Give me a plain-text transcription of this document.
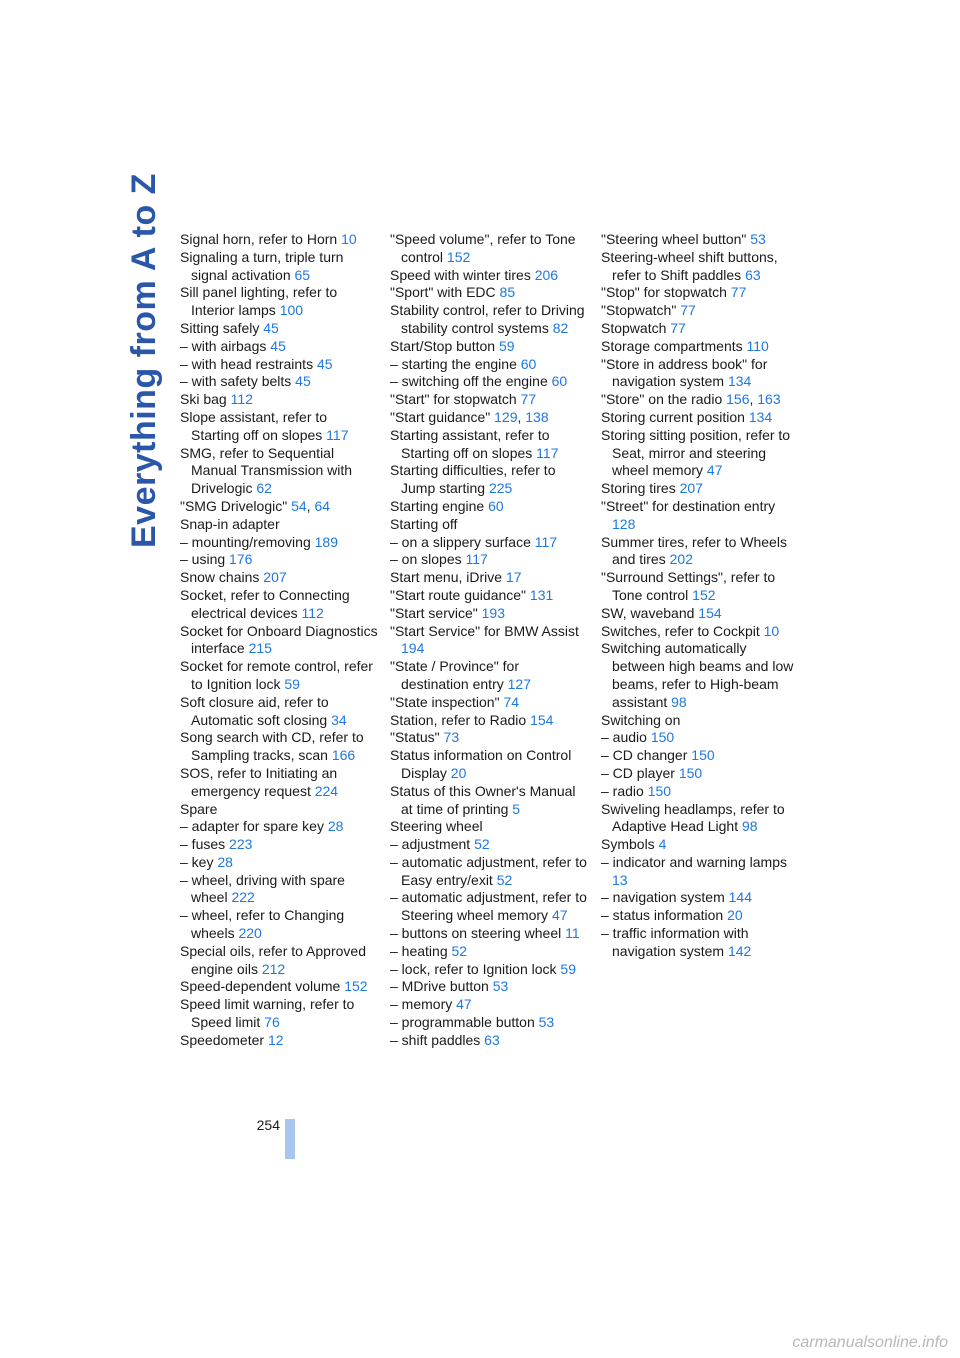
Everything from A to Z Signal horn, refer to Horn 10
Signaling a turn, triple turn signal activation 65
Sill panel lighting, refer to Interior lamps 100
Sitting safely 45
– with airbags 45
– with head restraints 45
– with safety belts 45
Ski bag 112
Slope assistant, refer to Starting off on slopes 117
SMG, refer to Sequential Manual Transmission with Drivelogic 62
"SMG Drivelogic" 54, 64
Snap-in adapter
– mounting/removing 189
– using 176
Snow chains 207
Socket, refer to Connecting electrical devices 112
Socket for Onboard Diagnostics interface 215
Socket for remote control, refer to Ignition lock 59
Soft closure aid, refer to Automatic soft closing 34
Song search with CD, refer to Sampling tracks, scan 166
SOS, refer to Initiating an emergency request 224
Spare
– adapter for spare key 28
– fuses 223
– key 28
– wheel, driving with spare wheel 222
– wheel, refer to Changing wheels 220
Special oils, refer to Approved engine oils 212
Speed-dependent volume 152
Speed limit warning, refer to Speed limit 76
Speedometer 12
"Speed volume", refer to Tone control 152
Speed with winter tires 206
"Sport" with EDC 85
Stability control, refer to Driving stability control systems 82
Start/Stop button 59
– starting the engine 60
– switching off the engine 60
"Start" for stopwatch 77
"Start guidance" 129, 138
Starting assistant, refer to Starting off on slopes 117
Starting difficulties, refer to Jump starting 225
Starting engine 60
Starting off
– on a slippery surface 117
– on slopes 117
Start menu, iDrive 17
"Start route guidance" 131
"Start service" 193
"Start Service" for BMW Assist 194
"State / Province" for destination entry 127
"State inspection" 74
Station, refer to Radio 154
"Status" 73
Status information on Control Display 20
Status of this Owner's Manual at time of printing 5
Steering wheel
– adjustment 52
– automatic adjustment, refer to Easy entry/exit 52
– automatic adjustment, refer to Steering wheel memory 47
– buttons on steering wheel 11
– heating 52
– lock, refer to Ignition lock 59
– MDrive button 53
– memory 47
– programmable button 53
– shift paddles 63
"Steering wheel button" 53
Steering-wheel shift buttons, refer to Shift paddles 63
"Stop" for stopwatch 77
"Stopwatch" 77
Stopwatch 77
Storage compartments 110
"Store in address book" for navigation system 134
"Store" on the radio 156, 163
Storing current position 134
Storing sitting position, refer to Seat, mirror and steering wheel memory 47
Storing tires 207
"Street" for destination entry 128
Summer tires, refer to Wheels and tires 202
"Surround Settings", refer to Tone control 152
SW, waveband 154
Switches, refer to Cockpit 10
Switching automatically between high beams and low beams, refer to High-beam assistant 98
Switching on
– audio 150
– CD changer 150
– CD player 150
– radio 150
Swiveling headlamps, refer to Adaptive Head Light 98
Symbols 4
– indicator and warning lamps 13
– navigation system 144
– status information 20
– traffic information with navigation system 142
254
carmanualsonline.info
